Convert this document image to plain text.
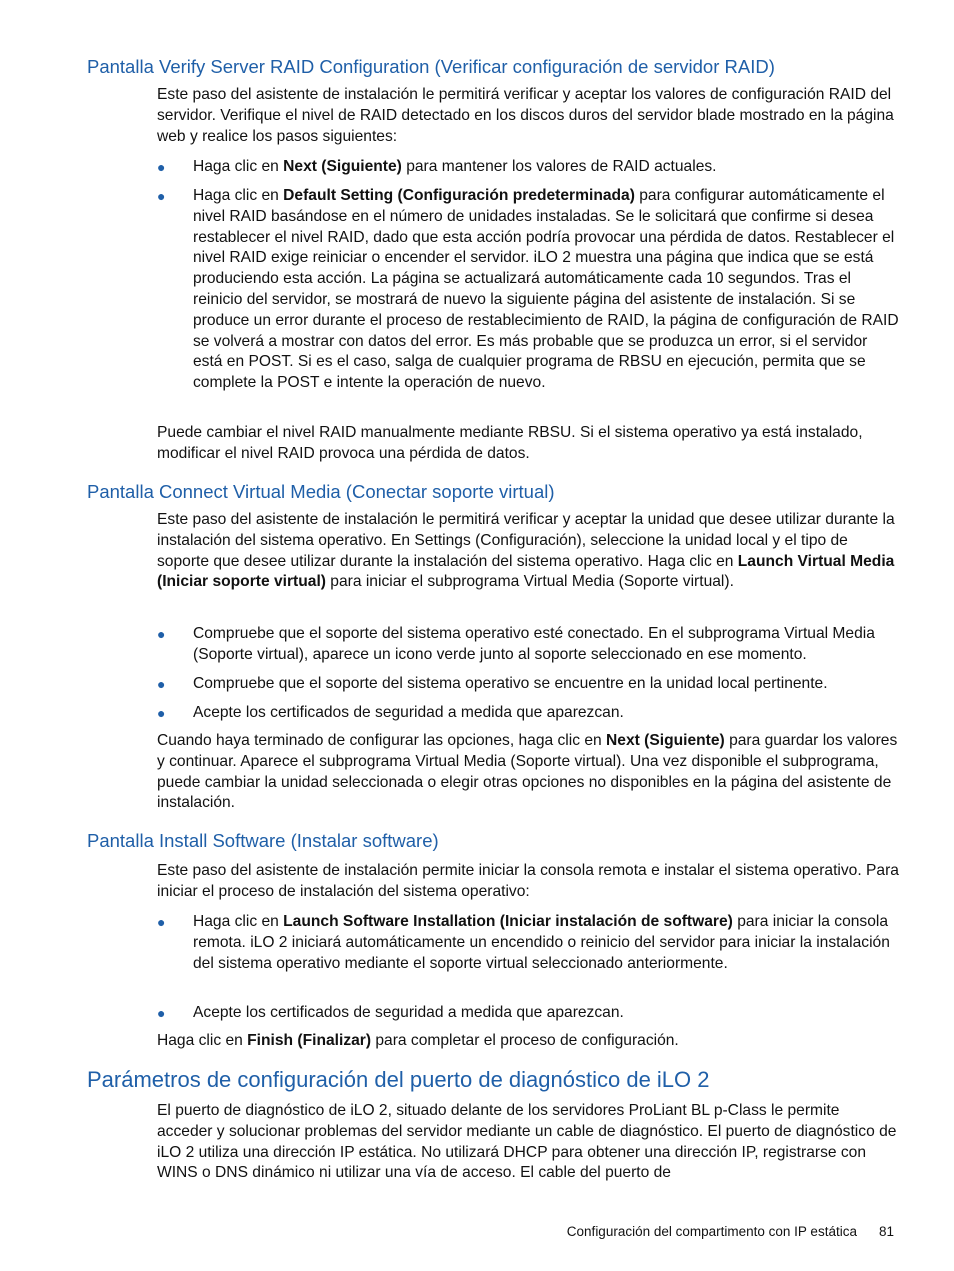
Pantalla Verify Server RAID Configuration (Verificar configuración de servidor RAID)

Este paso del asistente de instalación le permitirá verificar y aceptar los valores de configuración RAID del servidor. Verifique el nivel de RAID detectado en los discos duros del servidor blade mostrado en la página web y realice los pasos siguientes:

● Haga clic en Next (Siguiente) para mantener los valores de RAID actuales.
● Haga clic en Default Setting (Configuración predeterminada) para configurar automáticamente el nivel RAID basándose en el número de unidades instaladas. Se le solicitará que confirme si desea restablecer el nivel RAID, dado que esta acción podría provocar una pérdida de datos. Restablecer el nivel RAID exige reiniciar o encender el servidor. iLO 2 muestra una página que indica que se está produciendo esta acción. La página se actualizará automáticamente cada 10 segundos. Tras el reinicio del servidor, se mostrará de nuevo la siguiente página del asistente de instalación. Si se produce un error durante el proceso de restablecimiento de RAID, la página de configuración de RAID se volverá a mostrar con datos del error. Es más probable que se produzca un error, si el servidor está en POST. Si es el caso, salga de cualquier programa de RBSU en ejecución, permita que se complete la POST e intente la operación de nuevo.

Puede cambiar el nivel RAID manualmente mediante RBSU. Si el sistema operativo ya está instalado, modificar el nivel RAID provoca una pérdida de datos.

Pantalla Connect Virtual Media (Conectar soporte virtual)

Este paso del asistente de instalación le permitirá verificar y aceptar la unidad que desee utilizar durante la instalación del sistema operativo. En Settings (Configuración), seleccione la unidad local y el tipo de soporte que desee utilizar durante la instalación del sistema operativo. Haga clic en Launch Virtual Media (Iniciar soporte virtual) para iniciar el subprograma Virtual Media (Soporte virtual).

● Compruebe que el soporte del sistema operativo esté conectado. En el subprograma Virtual Media (Soporte virtual), aparece un icono verde junto al soporte seleccionado en ese momento.
● Compruebe que el soporte del sistema operativo se encuentre en la unidad local pertinente.
● Acepte los certificados de seguridad a medida que aparezcan.

Cuando haya terminado de configurar las opciones, haga clic en Next (Siguiente) para guardar los valores y continuar. Aparece el subprograma Virtual Media (Soporte virtual). Una vez disponible el subprograma, puede cambiar la unidad seleccionada o elegir otras opciones no disponibles en la página del asistente de instalación.

Pantalla Install Software (Instalar software)

Este paso del asistente de instalación permite iniciar la consola remota e instalar el sistema operativo. Para iniciar el proceso de instalación del sistema operativo:

● Haga clic en Launch Software Installation (Iniciar instalación de software) para iniciar la consola remota. iLO 2 iniciará automáticamente un encendido o reinicio del servidor para iniciar la instalación del sistema operativo mediante el soporte virtual seleccionado anteriormente.
● Acepte los certificados de seguridad a medida que aparezcan.

Haga clic en Finish (Finalizar) para completar el proceso de configuración.

Parámetros de configuración del puerto de diagnóstico de iLO 2

El puerto de diagnóstico de iLO 2, situado delante de los servidores ProLiant BL p-Class le permite acceder y solucionar problemas del servidor mediante un cable de diagnóstico. El puerto de diagnóstico de iLO 2 utiliza una dirección IP estática. No utilizará DHCP para obtener una dirección IP, registrarse con WINS o DNS dinámico ni utilizar una vía de acceso. El cable del puerto de

Configuración del compartimento con IP estática 81
